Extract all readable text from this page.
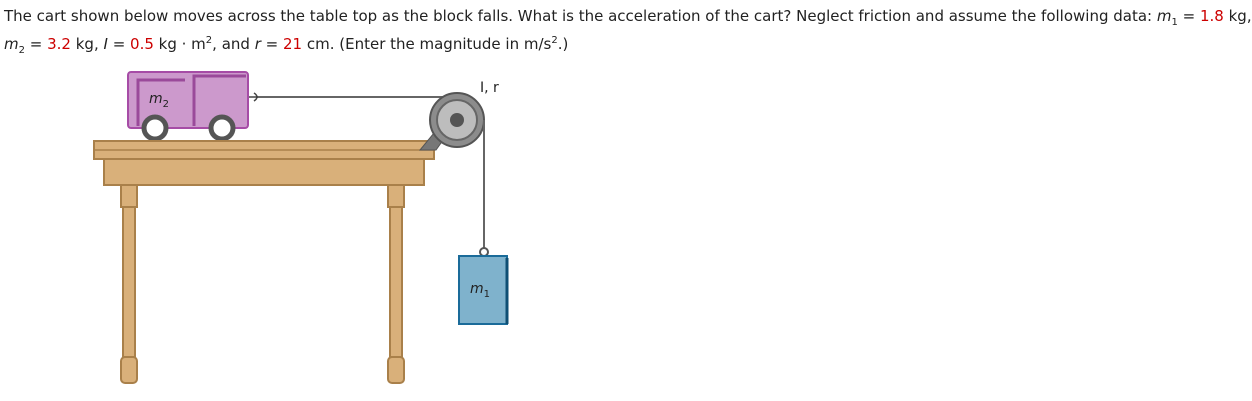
The cart shown below moves across the table top as the block falls. What is the acceleration of the cart? Neglect friction and assume the following data: $m_1 = 1.8$ kg,
$m_2 = 3.2$ kg, I = 0.5 kg · $m^2$, and r = 21 cm. (Enter the magnitude in $m/s^2$.)
$m_2$
I, r
$m_1$
